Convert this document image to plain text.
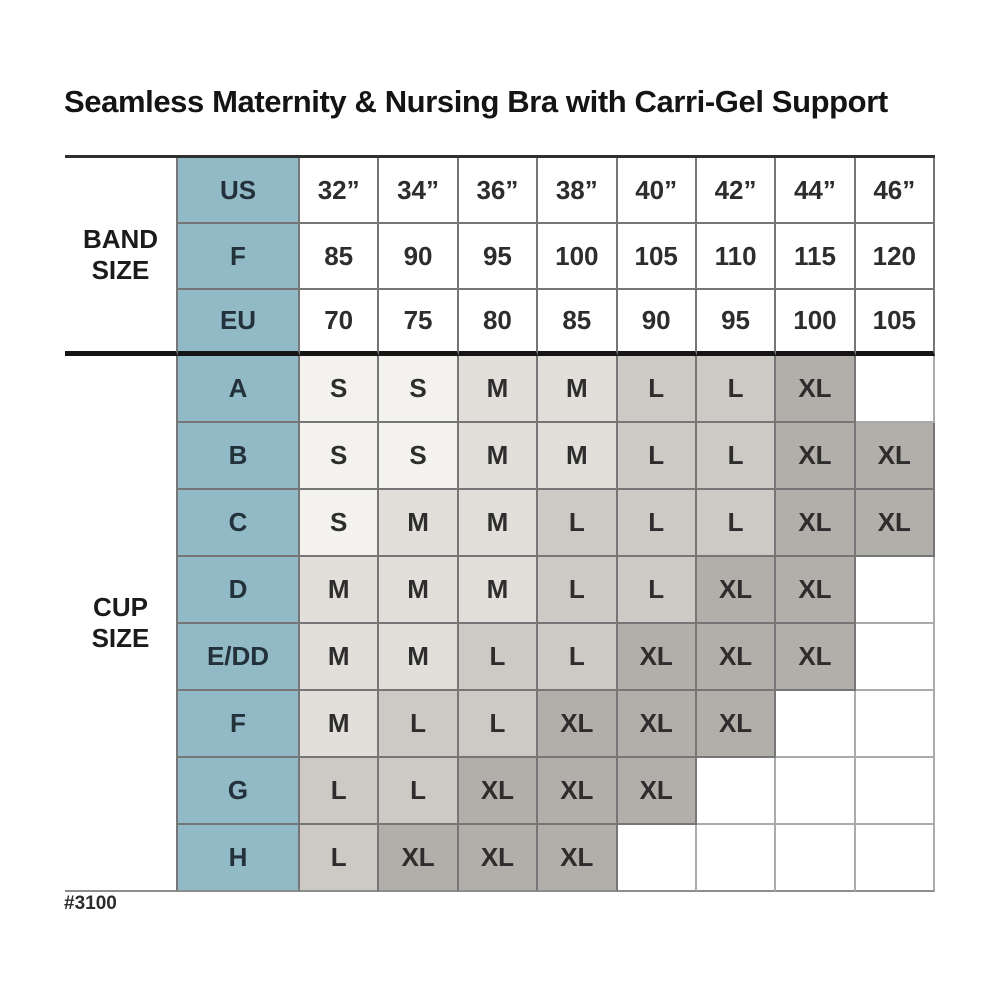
Seamless Maternity & Nursing Bra with Carri-Gel Support
BAND SIZE
US	32”	34”	36”	38”	40”	42”	44”	46”
F	85	90	95	100	105	110	115	120
EU	70	75	80	85	90	95	100	105
CUP SIZE
A	S	S	M	M	L	L	XL
B	S	S	M	M	L	L	XL	XL
C	S	M	M	L	L	L	XL	XL
D	M	M	M	L	L	XL	XL
E/DD	M	M	L	L	XL	XL	XL
F	M	L	L	XL	XL	XL
G	L	L	XL	XL	XL
H	L	XL	XL	XL
#3100
